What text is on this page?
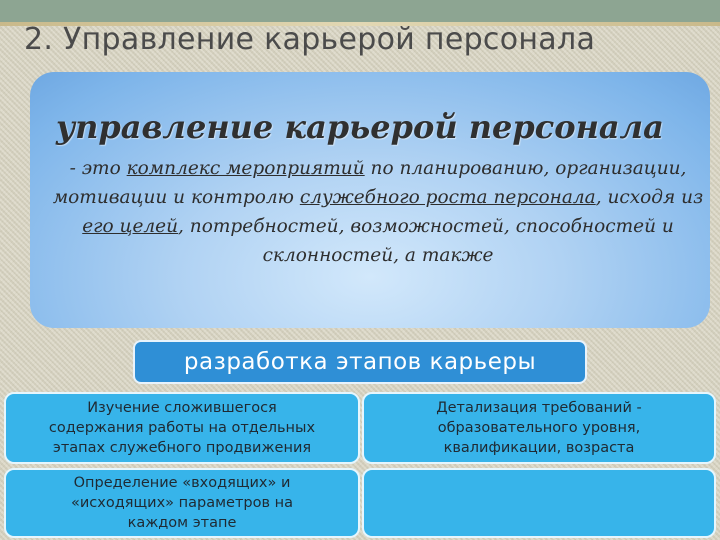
2. Управление карьерой персонала
управление карьерой персонала
- это комплекс мероприятий по планированию, организации, мотивации и контролю служебного роста персонала, исходя из его целей, потребностей, возможностей, способностей и склонностей, а также
разработка этапов карьеры
Изучение сложившегося
содержания работы на отдельных
этапах служебного продвижения
Детализация требований -
образовательного уровня,
квалификации, возраста
Определение «входящих» и
«исходящих» параметров на
каждом этапе
